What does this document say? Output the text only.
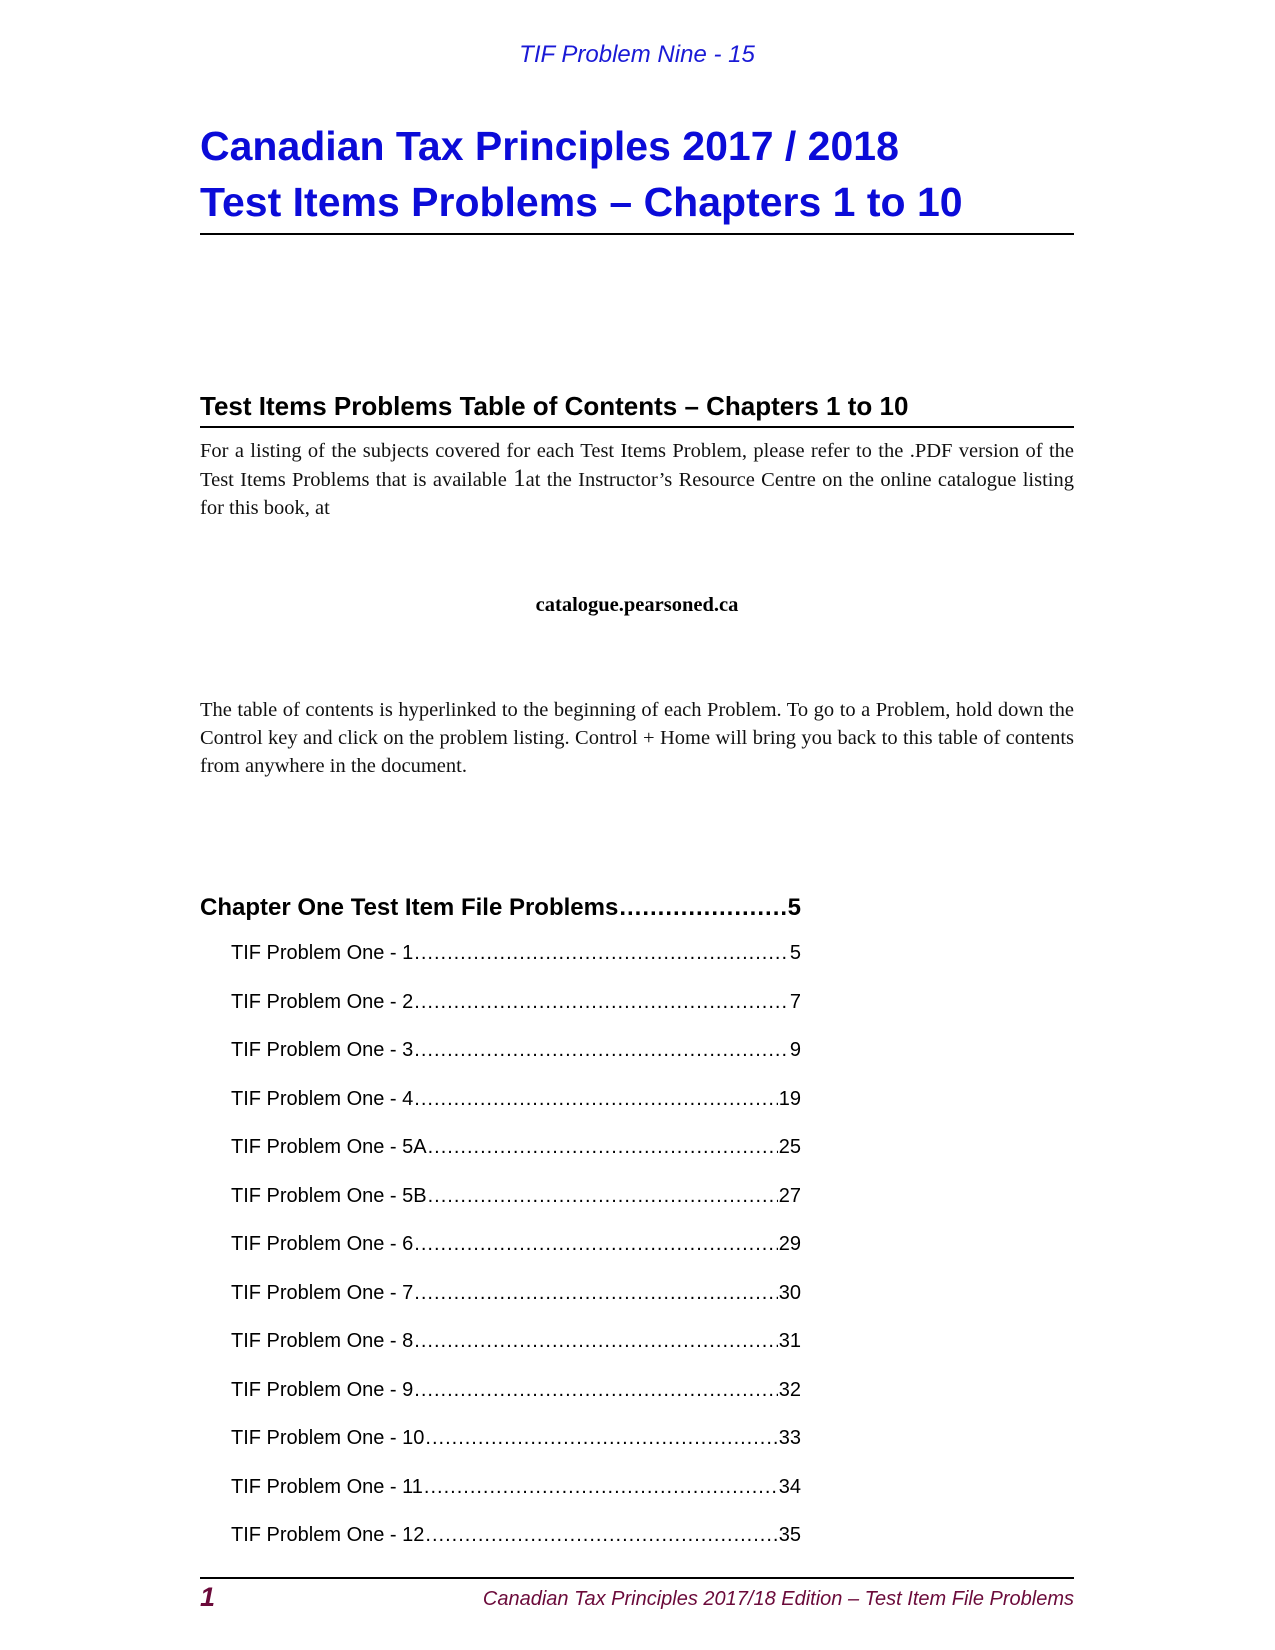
TIF Problem Nine - 15
Canadian Tax Principles 2017 / 2018
Test Items Problems – Chapters 1 to 10
Test Items Problems Table of Contents – Chapters 1 to 10
For a listing of the subjects covered for each Test Items Problem, please refer to the .PDF version of the Test Items Problems that is available 1at the Instructor’s Resource Centre on the online catalogue listing for this book, at
catalogue.pearsoned.ca
The table of contents is hyperlinked to the beginning of each Problem. To go to a Problem, hold down the Control key and click on the problem listing. Control + Home will bring you back to this table of contents from anywhere in the document.
Chapter One Test Item File Problems .....	5
TIF Problem One - 1 .....	5
TIF Problem One - 2 .....	7
TIF Problem One - 3 .....	9
TIF Problem One - 4 .....	19
TIF Problem One - 5A .....	25
TIF Problem One - 5B .....	27
TIF Problem One - 6 .....	29
TIF Problem One - 7 .....	30
TIF Problem One - 8 .....	31
TIF Problem One - 9 .....	32
TIF Problem One - 10 .....	33
TIF Problem One - 11 .....	34
TIF Problem One - 12 .....	35
1	Canadian Tax Principles 2017/18 Edition – Test Item File Problems
